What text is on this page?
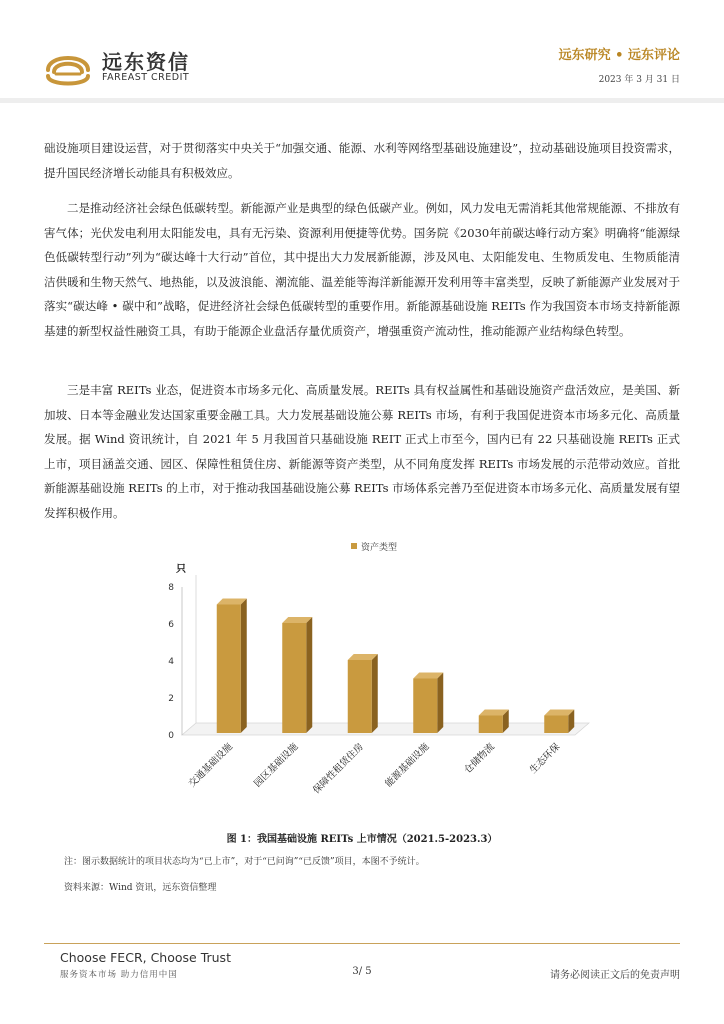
远东资信
FAREAST CREDIT
远东研究 • 远东评论
2023 年 3 月 31 日

础设施项目建设运营，对于贯彻落实中央关于“加强交通、能源、水利等网络型基础设施建设”，拉动基础设施项目投资需求，提升国民经济增长动能具有积极效应。

二是推动经济社会绿色低碳转型。新能源产业是典型的绿色低碳产业。例如，风力发电无需消耗其他常规能源、不排放有害气体；光伏发电利用太阳能发电，具有无污染、资源利用便捷等优势。国务院《2030年前碳达峰行动方案》明确将“能源绿色低碳转型行动”列为“碳达峰十大行动”首位，其中提出大力发展新能源，涉及风电、太阳能发电、生物质发电、生物质能清洁供暖和生物天然气、地热能，以及波浪能、潮流能、温差能等海洋新能源开发利用等丰富类型，反映了新能源产业发展对于落实“碳达峰 • 碳中和”战略，促进经济社会绿色低碳转型的重要作用。新能源基础设施 REITs 作为我国资本市场支持新能源基建的新型权益性融资工具，有助于能源企业盘活存量优质资产，增强重资产流动性，推动能源产业结构绿色转型。

三是丰富 REITs 业态，促进资本市场多元化、高质量发展。REITs 具有权益属性和基础设施资产盘活效应，是美国、新加坡、日本等金融业发达国家重要金融工具。大力发展基础设施公募 REITs 市场，有利于我国促进资本市场多元化、高质量发展。据 Wind 资讯统计，自 2021 年 5 月我国首只基础设施 REIT 正式上市至今，国内已有 22 只基础设施 REITs 正式上市，项目涵盖交通、园区、保障性租赁住房、新能源等资产类型，从不同角度发挥 REITs 市场发展的示范带动效应。首批新能源基础设施 REITs 的上市，对于推动我国基础设施公募 REITs 市场体系完善乃至促进资本市场多元化、高质量发展有望发挥积极作用。

资产类型
只
0
2
4
6
8
交通基础设施 园区基础设施 保障性租赁住房 能源基础设施	仓储物流	生态环保
图 1：我国基础设施 REITs 上市情况（2021.5-2023.3）
注：图示数据统计的项目状态均为“已上市”，对于“已问询”“已反馈”项目，本图不予统计。
资料来源：Wind 资讯，远东资信整理
Choose FECR, Choose Trust
服务资本市场 助力信用中国	3/ 5	请务必阅读正文后的免责声明
